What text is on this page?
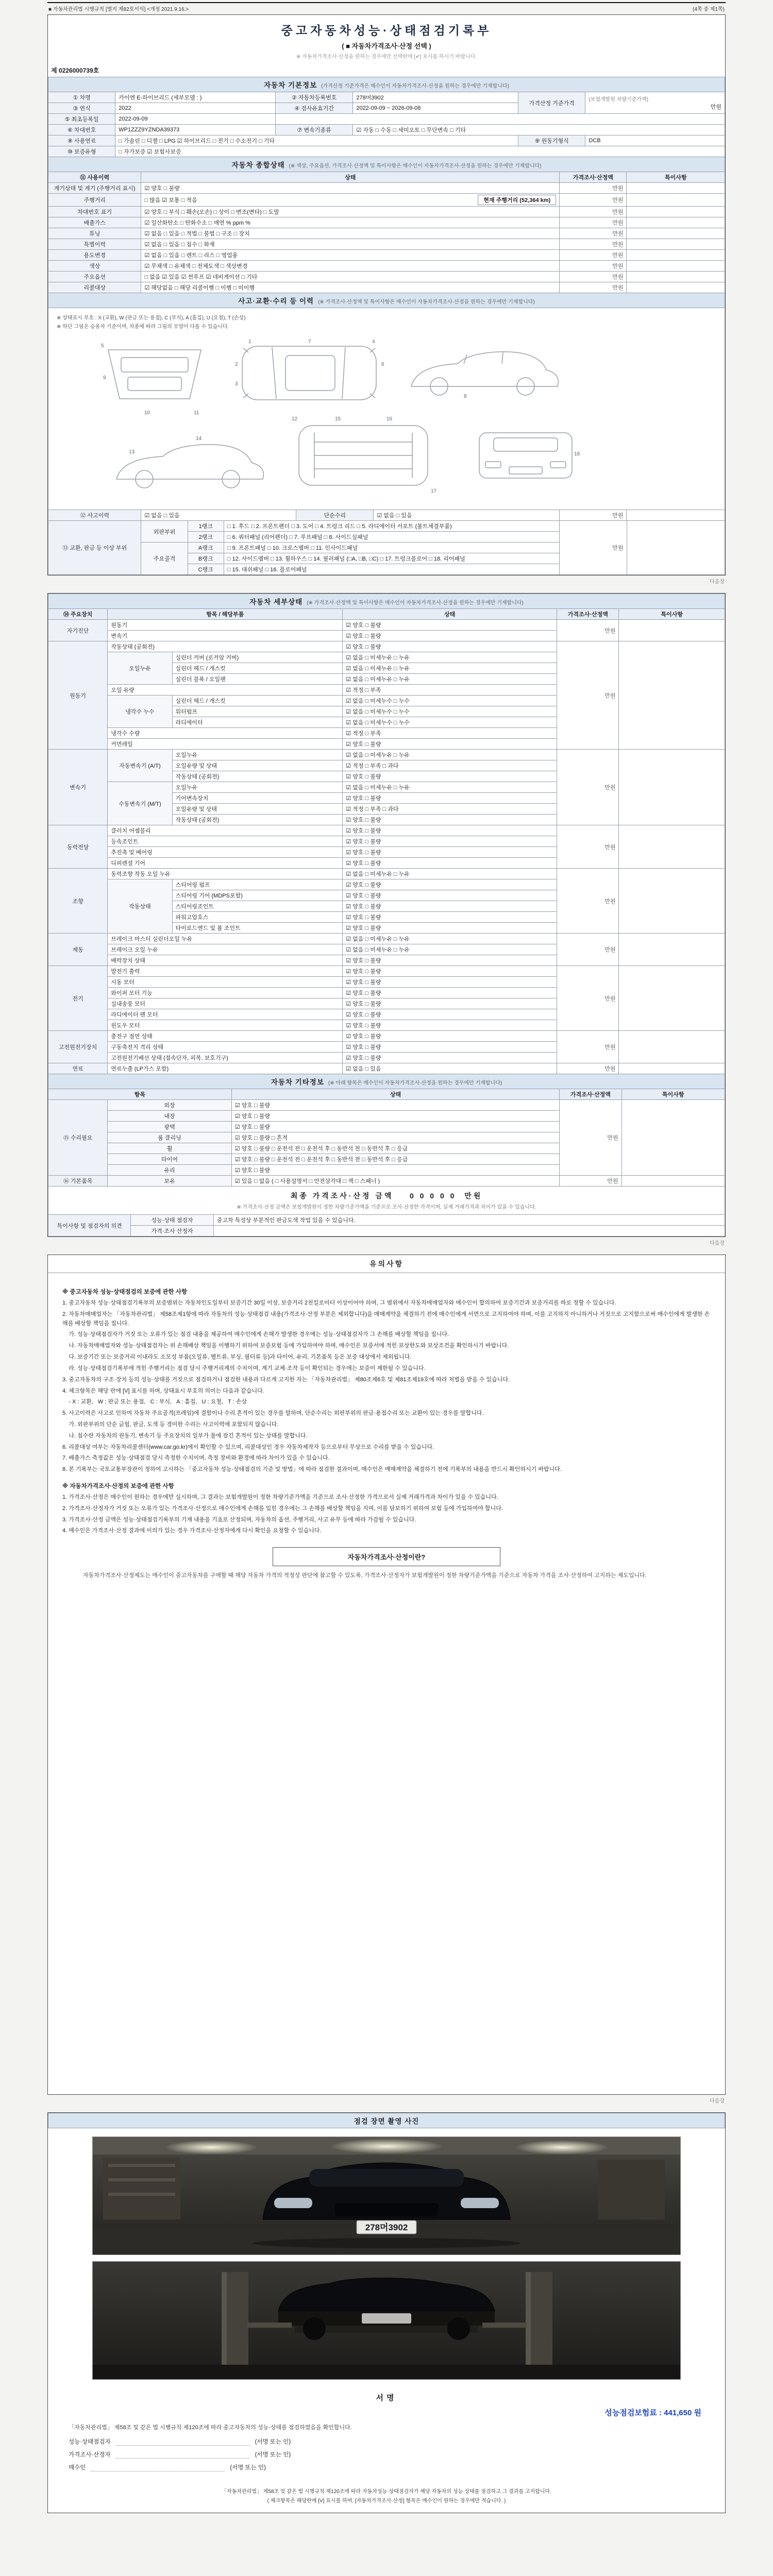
■ 자동차관리법 시행규칙 [별지 제82호서식] <개정 2021.9.16.>	(4쪽 중 제1쪽)
중고자동차성능·상태점검기록부
( ■ 자동차가격조사·산정 선택 )
※ 자동차가격조사·산정을 원하는 경우에만 선택란에 [✔] 표시를 하시기 바랍니다.
제 0226000739호
자동차 기본정보 (가격산정 기준가격은 매수인이 자동차가격조사·산정을 원하는 경우에만 기재합니다)					
① 차명	카이엔 E-하이브리드 (세부모델 : )	② 자동차등록번호	278머3902	가격산정 기준가격	(보험개발원 차량기준가액)
만원

③ 연식	2022	④ 검사유효기간	2022-09-09 ~ 2026-09-08		
⑤ 최초등록일	2022-09-09				
⑥ 차대번호	WP1ZZZ9YZNDA39373	⑦ 변속기종류	☑ 자동 □ 수동 □ 세미오토 □ 무단변속 □ 기타		
⑧ 사용연료	□ 가솔린 □ 디젤 □ LPG ☑ 하이브리드 □ 전기 □ 수소전기 □ 기타			⑨ 원동기형식	DCB
⑩ 보증유형	□ 자가보증 ☑ 보험사보증				
자동차 종합상태 (※ 색상, 주요옵션, 가격조사·산정액 및 특이사항은 매수인이 자동차가격조사·산정을 원하는 경우에만 기재합니다)			
⑪ 사용이력	상태	가격조사·산정액	특이사항
계기상태 및 계기 (주행거리 표시)	☑ 양호 □ 불량	만원	
주행거리	□ 많음 ☑ 보통 □ 적음 현재 주행거리 (52,364 km)	만원	
차대번호 표기	☑ 양호 □ 부식 □ 훼손(오손) □ 상이 □ 변조(변타) □ 도말	만원	
배출가스	☑ 일산화탄소 □ 탄화수소 □ 매연 % ppm %	만원	
튜닝	☑ 없음 □ 있음 □ 적법 □ 불법 □ 구조 □ 장치	만원	
특별이력	☑ 없음 □ 있음 □ 침수 □ 화재	만원	
용도변경	☑ 없음 □ 있음 □ 렌트 □ 리스 □ 영업용	만원	
색상	☑ 무채색 □ 유채색 □ 전체도색 □ 색상변경	만원	
주요옵션	□ 없음 ☑ 있음 ☑ 썬루프 ☑ 네비게이션 □ 기타	만원	
리콜대상	☑ 해당없음 □ 해당 리콜이행 □ 이행 □ 미이행	만원	
사고·교환·수리 등 이력 (※ 가격조사·산정액 및 특이사항은 매수인이 자동차가격조사·산정을 원하는 경우에만 기재합니다)

※ 상태표시 부호 : X (교환), W (판금 또는 용접), C (부식), A (흠집), U (요철), T (손상)
※ 하단 그림은 승용차 기준이며, 차종에 따라 그림의 모양이 다를 수 있습니다.
1
2
3
4
5
6
7
8
9
10	11
12
13
14
15	16
17
18

⑫ 사고이력	☑ 없음 □ 있음	단순수리	☑ 없음 □ 있음	만원	
⑬ 교환, 판금 등 이상 부위	외판부위	1랭크	□ 1. 후드 □ 2. 프론트펜더 □ 3. 도어 □ 4. 트렁크 리드 □ 5. 라디에이터 서포트 (볼트체결부품)	만원	
		2랭크	□ 6. 쿼터패널 (리어펜더) □ 7. 루프패널 □ 8. 사이드실패널		
	주요골격	A랭크	□ 9. 프론트패널 □ 10. 크로스멤버 □ 11. 인사이드패널		
		B랭크	□ 12. 사이드멤버 □ 13. 휠하우스 □ 14. 필러패널 (□A, □B, □C) □ 17. 트렁크플로어 □ 18. 리어패널		
		C랭크	□ 15. 대쉬패널 □ 16. 플로어패널		
다음장
자동차 세부상태 (※ 가격조사·산정액 및 특이사항은 매수인이 자동차가격조사·산정을 원하는 경우에만 기재합니다)					
⑭ 주요장치	항목 / 해당부품		상태	가격조사·산정액	특이사항
자기진단	원동기		☑ 양호 □ 불량	만원	
	변속기		☑ 양호 □ 불량		
원동기	작동상태 (공회전)		☑ 양호 □ 불량	만원	
	오일누유	실린더 커버 (로커암 커버)	☑ 없음 □ 미세누유 □ 누유		
		실린더 헤드 / 개스킷	☑ 없음 □ 미세누유 □ 누유		
		실린더 블록 / 오일팬	☑ 없음 □ 미세누유 □ 누유		
	오일 유량		☑ 적정 □ 부족		
	냉각수 누수	실린더 헤드 / 개스킷	☑ 없음 □ 미세누수 □ 누수		
		워터펌프	☑ 없음 □ 미세누수 □ 누수		
		라디에이터	☑ 없음 □ 미세누수 □ 누수		
	냉각수 수량		☑ 적정 □ 부족		
	커먼레일		☑ 양호 □ 불량		
변속기	자동변속기 (A/T)	오일누유	☑ 없음 □ 미세누유 □ 누유	만원	
		오일유량 및 상태	☑ 적정 □ 부족 □ 과다		
		작동상태 (공회전)	☑ 양호 □ 불량		
	수동변속기 (M/T)	오일누유	☑ 없음 □ 미세누유 □ 누유		
		기어변속장치	☑ 양호 □ 불량		
		오일유량 및 상태	☑ 적정 □ 부족 □ 과다		
		작동상태 (공회전)	☑ 양호 □ 불량		
동력전달	클러치 어셈블리		☑ 양호 □ 불량	만원	
	등속조인트		☑ 양호 □ 불량		
	추진축 및 베어링		☑ 양호 □ 불량		
	디퍼렌셜 기어		☑ 양호 □ 불량		
조향	동력조향 작동 오일 누유		☑ 없음 □ 미세누유 □ 누유	만원	
	작동상태	스티어링 펌프	☑ 양호 □ 불량		
		스티어링 기어 (MDPS포함)	☑ 양호 □ 불량		
		스티어링조인트	☑ 양호 □ 불량		
		파워고압호스	☑ 양호 □ 불량		
		타이로드엔드 및 볼 조인트	☑ 양호 □ 불량		
제동	브레이크 마스터 실린더오일 누유		☑ 없음 □ 미세누유 □ 누유	만원	
	브레이크 오일 누유		☑ 없음 □ 미세누유 □ 누유		
	배력장치 상태		☑ 양호 □ 불량		
전기	발전기 출력		☑ 양호 □ 불량	만원	
	시동 모터		☑ 양호 □ 불량		
	와이퍼 모터 기능		☑ 양호 □ 불량		
	실내송풍 모터		☑ 양호 □ 불량		
	라디에이터 팬 모터		☑ 양호 □ 불량		
	윈도우 모터		☑ 양호 □ 불량		
고전원전기장치	충전구 절연 상태		☑ 양호 □ 불량	만원	
	구동축전지 격리 상태		☑ 양호 □ 불량		
	고전원전기배선 상태 (접속단자, 피복, 보호기구)		☑ 양호 □ 불량		
연료	연료누출 (LP가스 포함)		☑ 없음 □ 있음	만원	
자동차 기타정보 (※ 아래 항목은 매수인이 자동차가격조사·산정을 원하는 경우에만 기재합니다)				
항목		상태	가격조사·산정액	특이사항
⑮ 수리필요	외장	☑ 양호 □ 불량	만원	
	내장	☑ 양호 □ 불량		
	광택	☑ 양호 □ 불량		
	룸 클리닝	☑ 양호 □ 불량 □ 흔적		
	휠	☑ 양호 □ 불량 □ 운전석 전 □ 운전석 후 □ 동반석 전 □ 동반석 후 □ 응급		
	타이어	☑ 양호 □ 불량 □ 운전석 전 □ 운전석 후 □ 동반석 전 □ 동반석 후 □ 응급		
	유리	☑ 양호 □ 불량		
⑯ 기본품목	보유	☑ 있음 □ 없음 ( □ 사용설명서 □ 안전삼각대 □ 잭 □ 스패너 )	만원	
최종 가격조사·산정 금액 0 0 0 0 0 만원
※ 가격조사·산정 금액은 보험개발원이 정한 차량기준가액을 기준으로 조사·산정한 가격이며, 실제 거래가격과 차이가 있을 수 있습니다.
특이사항 및 점검자의 의견	성능·상태 점검자	중고차 특성상 부분적인 판금도색 작업 있을 수 있습니다.
	가격·조사 산정자	
다음장
유의사항
※ 중고자동차 성능·상태점검의 보증에 관한 사항

1. 중고자동차 성능·상태점검기록부의 보증범위는 자동차인도일부터 보증기간 30일 이상, 보증거리 2천킬로미터 이상이어야 하며, 그 범위에서 자동차매매업자와 매수인이 합의하여 보증기간과 보증거리를 따로 정할 수 있습니다.

2. 자동차매매업자는 「자동차관리법」 제58조제1항에 따라 자동차의 성능·상태점검 내용(가격조사·산정 부분은 제외합니다)을 매매계약을 체결하기 전에 매수인에게 서면으로 고지하여야 하며, 이를 고지하지 아니하거나 거짓으로 고지함으로써 매수인에게 발생한 손해를 배상할 책임을 집니다.

가. 성능·상태점검자가 거짓 또는 오류가 있는 점검 내용을 제공하여 매수인에게 손해가 발생한 경우에는 성능·상태점검자가 그 손해를 배상할 책임을 집니다.

나. 자동차매매업자와 성능·상태점검자는 위 손해배상 책임을 이행하기 위하여 보증보험 등에 가입하여야 하며, 매수인은 보증서에 적힌 보상한도와 보상조건을 확인하시기 바랍니다.

다. 보증기간 또는 보증거리 이내라도 소모성 부품(오일류, 벨트류, 부싱, 필터류 등)과 타이어, 유리, 기본품목 등은 보증 대상에서 제외됩니다.

라. 성능·상태점검기록부에 적힌 주행거리는 점검 당시 주행거리계의 수치이며, 계기 교체·조작 등이 확인되는 경우에는 보증이 제한될 수 있습니다.

3. 중고자동차의 구조·장치 등의 성능·상태를 거짓으로 점검하거나 점검한 내용과 다르게 고지한 자는 「자동차관리법」 제80조제6호 및 제81조제19호에 따라 처벌을 받을 수 있습니다.

4. 체크항목은 해당 란에 [V] 표시를 하며, 상태표시 부호의 의미는 다음과 같습니다.

- X : 교환,   W : 판금 또는 용접,   C : 부식,   A : 흠집,   U : 요철,   T : 손상

5. 사고이력은 사고로 인하여 자동차 주요골격(프레임)에 결함이나 수리 흔적이 있는 경우를 말하며, 단순수리는 외판부위의 판금·용접수리 또는 교환이 있는 경우를 말합니다.

가. 외판부위의 단순 긁힘, 판금, 도색 등 경미한 수리는 사고이력에 포함되지 않습니다.

나. 침수란 자동차의 원동기, 변속기 등 주요장치의 일부가 물에 잠긴 흔적이 있는 상태를 말합니다.

6. 리콜대상 여부는 자동차리콜센터(www.car.go.kr)에서 확인할 수 있으며, 리콜대상인 경우 자동차제작자 등으로부터 무상으로 수리를 받을 수 있습니다.

7. 배출가스 측정값은 성능·상태점검 당시 측정한 수치이며, 측정 장비와 환경에 따라 차이가 있을 수 있습니다.

8. 본 기록부는 국토교통부장관이 정하여 고시하는 「중고자동차 성능·상태점검의 기준 및 방법」에 따라 점검한 결과이며, 매수인은 매매계약을 체결하기 전에 기록부의 내용을 반드시 확인하시기 바랍니다.

※ 자동차가격조사·산정의 보증에 관한 사항

1. 가격조사·산정은 매수인이 원하는 경우에만 실시하며, 그 결과는 보험개발원이 정한 차량기준가액을 기준으로 조사·산정한 가격으로서 실제 거래가격과 차이가 있을 수 있습니다.

2. 가격조사·산정자가 거짓 또는 오류가 있는 가격조사·산정으로 매수인에게 손해를 입힌 경우에는 그 손해를 배상할 책임을 지며, 이를 담보하기 위하여 보험 등에 가입하여야 합니다.

3. 가격조사·산정 금액은 성능·상태점검기록부의 기재 내용을 기초로 산정되며, 자동차의 옵션, 주행거리, 사고 유무 등에 따라 가감될 수 있습니다.

4. 매수인은 가격조사·산정 결과에 이의가 있는 경우 가격조사·산정자에게 다시 확인을 요청할 수 있습니다.

자동차가격조사·산정이란?
자동차가격조사·산정제도는 매수인이 중고자동차를 구매할 때 해당 자동차 가격의 적정성 판단에 참고할 수 있도록, 가격조사·산정자가 보험개발원이 정한 차량기준가액을 기준으로 자동차 가격을 조사·산정하여 고지하는 제도입니다.
다음장
점검 장면 촬영 사진
278머3902
서명
성능점검보험료 : 441,650 원
「자동차관리법」 제58조 및 같은 법 시행규칙 제120조에 따라 중고자동차의 성능·상태를 점검하였음을 확인합니다.
성능·상태점검자	(서명 또는 인)
가격조사·산정자	(서명 또는 인)
매수인	(서명 또는 인)
「자동차관리법」 제58조 및 같은 법 시행규칙 제120조에 따라 자동차성능·상태점검자가 해당 자동차의 성능·상태를 점검하고 그 결과를 고지합니다.
( 체크항목은 해당란에 [V] 표시를 하며, [자동차가격조사·산정] 항목은 매수인이 원하는 경우에만 적습니다. )
